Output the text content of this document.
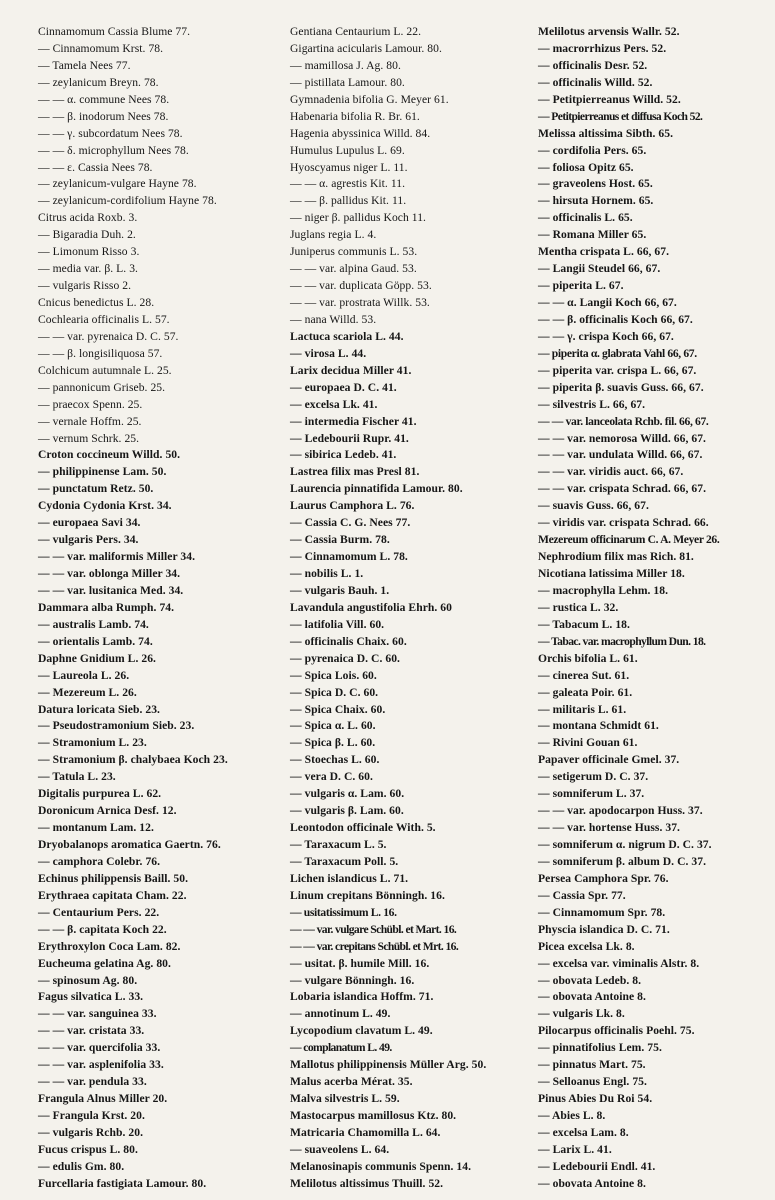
Cinnamomum Cassia Blume 77.
— Cinnamomum Krst. 78.
— Tamela Nees 77.
— zeylanicum Breyn. 78.
— — α. commune Nees 78.
— — β. inodorum Nees 78.
— — γ. subcordatum Nees 78.
— — δ. microphyllum Nees 78.
— — ε. Cassia Nees 78.
— zeylanicum-vulgare Hayne 78.
— zeylanicum-cordifolium Hayne 78.
Citrus acida Roxb. 3.
— Bigaradia Duh. 2.
— Limonum Risso 3.
— media var. β. L. 3.
— vulgaris Risso 2.
Cnicus benedictus L. 28.
Cochlearia officinalis L. 57.
— — var. pyrenaica D. C. 57.
— — β. longisiliquosa 57.
Colchicum autumnale L. 25.
— pannonicum Griseb. 25.
— praecox Spenn. 25.
— vernale Hoffm. 25.
— vernum Schrk. 25.
Croton coccineum Willd. 50.
— philippinense Lam. 50.
— punctatum Retz. 50.
Cydonia Cydonia Krst. 34.
— europaea Savi 34.
— vulgaris Pers. 34.
— — var. maliformis Miller 34.
— — var. oblonga Miller 34.
— — var. lusitanica Med. 34.
Dammara alba Rumph. 74.
— australis Lamb. 74.
— orientalis Lamb. 74.
Daphne Gnidium L. 26.
— Laureola L. 26.
— Mezereum L. 26.
Datura loricata Sieb. 23.
— Pseudostramonium Sieb. 23.
— Stramonium L. 23.
— Stramonium β. chalybaea Koch 23.
— Tatula L. 23.
Digitalis purpurea L. 62.
Doronicum Arnica Desf. 12.
— montanum Lam. 12.
Dryobalanops aromatica Gaertn. 76.
— camphora Colebr. 76.
Echinus philippensis Baill. 50.
Erythraea capitata Cham. 22.
— Centaurium Pers. 22.
— — β. capitata Koch 22.
Erythroxylon Coca Lam. 82.
Eucheuma gelatina Ag. 80.
— spinosum Ag. 80.
Fagus silvatica L. 33.
— — var. sanguinea 33.
— — var. cristata 33.
— — var. quercifolia 33.
— — var. asplenifolia 33.
— — var. pendula 33.
Frangula Alnus Miller 20.
— Frangula Krst. 20.
— vulgaris Rchb. 20.
Fucus crispus L. 80.
— edulis Gm. 80.
Furcellaria fastigiata Lamour. 80.
Gentiana Centaurium L. 22.
Gigartina acicularis Lamour. 80.
— mamillosa J. Ag. 80.
— pistillata Lamour. 80.
Gymnadenia bifolia G. Meyer 61.
Habenaria bifolia R. Br. 61.
Hagenia abyssinica Willd. 84.
Humulus Lupulus L. 69.
Hyoscyamus niger L. 11.
— — α. agrestis Kit. 11.
— — β. pallidus Kit. 11.
— niger β. pallidus Koch 11.
Juglans regia L. 4.
Juniperus communis L. 53.
— — var. alpina Gaud. 53.
— — var. duplicata Göpp. 53.
— — var. prostrata Willk. 53.
— nana Willd. 53.
Lactuca scariola L. 44.
— virosa L. 44.
Larix decidua Miller 41.
— europaea D. C. 41.
— excelsa Lk. 41.
— intermedia Fischer 41.
— Ledebourii Rupr. 41.
— sibirica Ledeb. 41.
Lastrea filix mas Presl 81.
Laurencia pinnatifida Lamour. 80.
Laurus Camphora L. 76.
— Cassia C. G. Nees 77.
— Cassia Burm. 78.
— Cinnamomum L. 78.
— nobilis L. 1.
— vulgaris Bauh. 1.
Lavandula angustifolia Ehrh. 60
— latifolia Vill. 60.
— officinalis Chaix. 60.
— pyrenaica D. C. 60.
— Spica Lois. 60.
— Spica D. C. 60.
— Spica Chaix. 60.
— Spica α. L. 60.
— Spica β. L. 60.
— Stoechas L. 60.
— vera D. C. 60.
— vulgaris α. Lam. 60.
— vulgaris β. Lam. 60.
Leontodon officinale With. 5.
— Taraxacum L. 5.
— Taraxacum Poll. 5.
Lichen islandicus L. 71.
Linum crepitans Bönningh. 16.
— usitatissimum L. 16.
— — var. vulgare Schübl. et Mart. 16.
— — var. crepitans Schübl. et Mrt. 16.
— usitat. β. humile Mill. 16.
— vulgare Bönningh. 16.
Lobaria islandica Hoffm. 71.
— annotinum L. 49.
Lycopodium clavatum L. 49.
— complanatum L. 49.
Mallotus philippinensis Müller Arg. 50.
Malus acerba Mérat. 35.
Malva silvestris L. 59.
Mastocarpus mamillosus Ktz. 80.
Matricaria Chamomilla L. 64.
— suaveolens L. 64.
Melanosinapis communis Spenn. 14.
Melilotus altissimus Thuill. 52.
Melilotus arvensis Wallr. 52.
— macrorrhizus Pers. 52.
— officinalis Desr. 52.
— officinalis Willd. 52.
— Petitpierreanus Willd. 52.
— Petitpierreanus et diffusa Koch 52.
Melissa altissima Sibth. 65.
— cordifolia Pers. 65.
— foliosa Opitz 65.
— graveolens Host. 65.
— hirsuta Hornem. 65.
— officinalis L. 65.
— Romana Miller 65.
Mentha crispata L. 66, 67.
— Langii Steudel 66, 67.
— piperita L. 67.
— — α. Langii Koch 66, 67.
— — β. officinalis Koch 66, 67.
— — γ. crispa Koch 66, 67.
— piperita α. glabrata Vahl 66, 67.
— piperita var. crispa L. 66, 67.
— piperita β. suavis Guss. 66, 67.
— silvestris L. 66, 67.
— — var. lanceolata Rchb. fil. 66, 67.
— — var. nemorosa Willd. 66, 67.
— — var. undulata Willd. 66, 67.
— — var. viridis auct. 66, 67.
— — var. crispata Schrad. 66, 67.
— suavis Guss. 66, 67.
— viridis var. crispata Schrad. 66.
Mezereum officinarum C. A. Meyer 26.
Nephrodium filix mas Rich. 81.
Nicotiana latissima Miller 18.
— macrophylla Lehm. 18.
— rustica L. 32.
— Tabacum L. 18.
— Tabac. var. macrophyllum Dun. 18.
Orchis bifolia L. 61.
— cinerea Sut. 61.
— galeata Poir. 61.
— militaris L. 61.
— montana Schmidt 61.
— Rivini Gouan 61.
Papaver officinale Gmel. 37.
— setigerum D. C. 37.
— somniferum L. 37.
— — var. apodocarpon Huss. 37.
— — var. hortense Huss. 37.
— somniferum α. nigrum D. C. 37.
— somniferum β. album D. C. 37.
Persea Camphora Spr. 76.
— Cassia Spr. 77.
— Cinnamomum Spr. 78.
Physcia islandica D. C. 71.
Picea excelsa Lk. 8.
— excelsa var. viminalis Alstr. 8.
— obovata Ledeb. 8.
— obovata Antoine 8.
— vulgaris Lk. 8.
Pilocarpus officinalis Poehl. 75.
— pinnatifolius Lem. 75.
— pinnatus Mart. 75.
— Selloanus Engl. 75.
Pinus Abies Du Roi 54.
— Abies L. 8.
— excelsa Lam. 8.
— Larix L. 41.
— Ledebourii Endl. 41.
— obovata Antoine 8.
